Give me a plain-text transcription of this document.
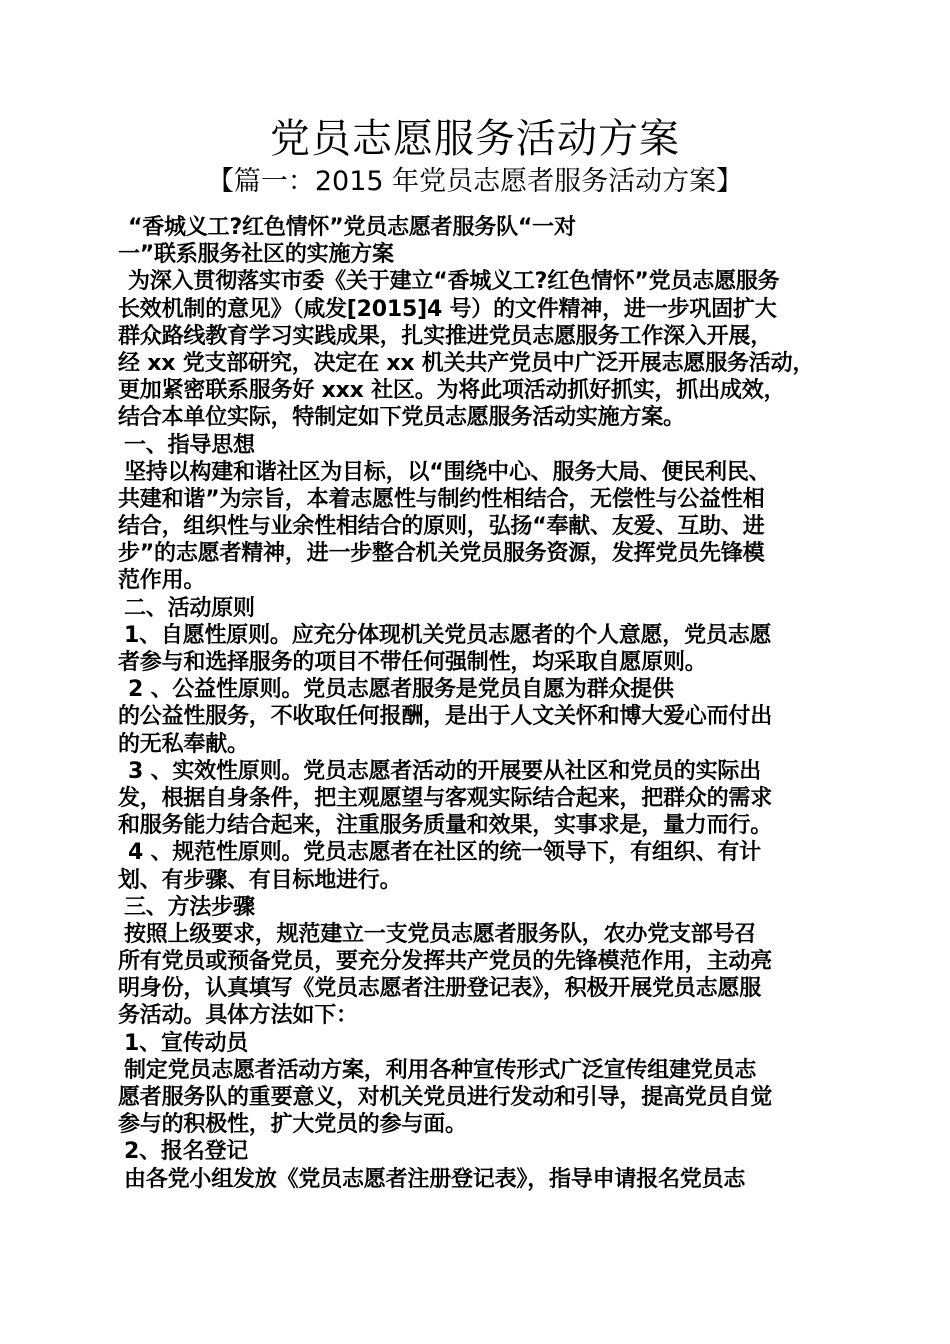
党员志愿服务活动方案
【篇一：2015 年党员志愿者服务活动方案】
“香城义工?红色情怀”党员志愿者服务队“一对
一”联系服务社区的实施方案
为深入贯彻落实市委《关于建立“香城义工?红色情怀”党员志愿服务
长效机制的意见》（咸发[2015]4 号）的文件精神，进一步巩固扩大
群众路线教育学习实践成果，扎实推进党员志愿服务工作深入开展，
经 xx 党支部研究，决定在 xx 机关共产党员中广泛开展志愿服务活动，
更加紧密联系服务好 xxx 社区。为将此项活动抓好抓实，抓出成效，
结合本单位实际，特制定如下党员志愿服务活动实施方案。
一、指导思想
坚持以构建和谐社区为目标，以“围绕中心、服务大局、便民利民、
共建和谐”为宗旨，本着志愿性与制约性相结合，无偿性与公益性相
结合，组织性与业余性相结合的原则，弘扬“奉献、友爱、互助、进
步”的志愿者精神，进一步整合机关党员服务资源，发挥党员先锋模
范作用。
二、活动原则
1、自愿性原则。应充分体现机关党员志愿者的个人意愿，党员志愿
者参与和选择服务的项目不带任何强制性，均采取自愿原则。
2 、公益性原则。党员志愿者服务是党员自愿为群众提供
的公益性服务，不收取任何报酬，是出于人文关怀和博大爱心而付出
的无私奉献。
3 、实效性原则。党员志愿者活动的开展要从社区和党员的实际出
发，根据自身条件，把主观愿望与客观实际结合起来，把群众的需求
和服务能力结合起来，注重服务质量和效果，实事求是，量力而行。
4 、规范性原则。党员志愿者在社区的统一领导下，有组织、有计
划、有步骤、有目标地进行。
三、方法步骤
按照上级要求，规范建立一支党员志愿者服务队，农办党支部号召
所有党员或预备党员，要充分发挥共产党员的先锋模范作用，主动亮
明身份，认真填写《党员志愿者注册登记表》，积极开展党员志愿服
务活动。具体方法如下：
1、宣传动员
制定党员志愿者活动方案，利用各种宣传形式广泛宣传组建党员志
愿者服务队的重要意义，对机关党员进行发动和引导，提高党员自觉
参与的积极性，扩大党员的参与面。
2、报名登记
由各党小组发放《党员志愿者注册登记表》，指导申请报名党员志
